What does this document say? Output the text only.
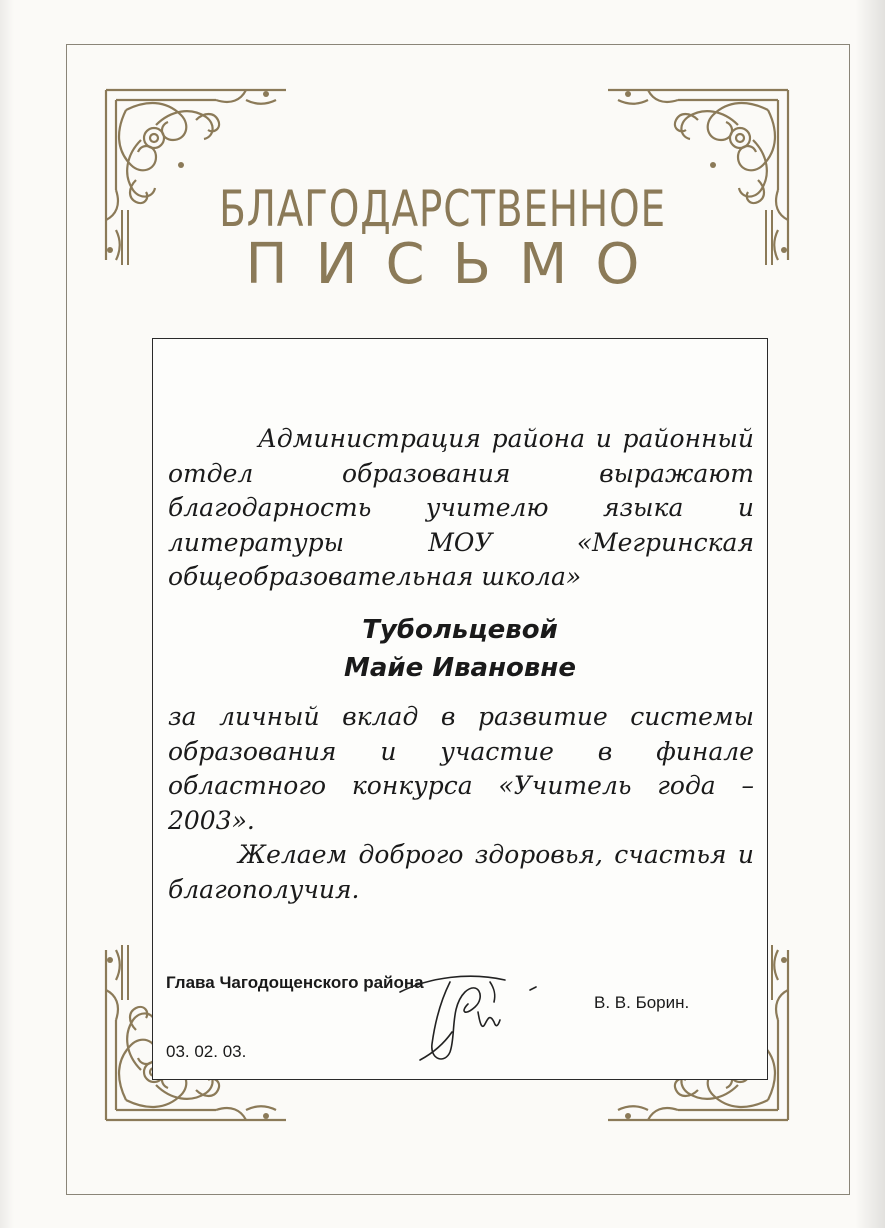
БЛАГОДАРСТВЕННОЕ
ПИСЬМО
Администрация района и районный отдел образования выражают благодарность учителю языка и литературы МОУ «Мегринская общеобразовательная школа»
Тубольцевой
Майе Ивановне
за личный вклад в развитие системы образования и участие в финале областного конкурса «Учитель года – 2003».
Желаем доброго здоровья, счастья и благополучия.
Глава Чагодощенского района
В. В. Борин.
03. 02. 03.
